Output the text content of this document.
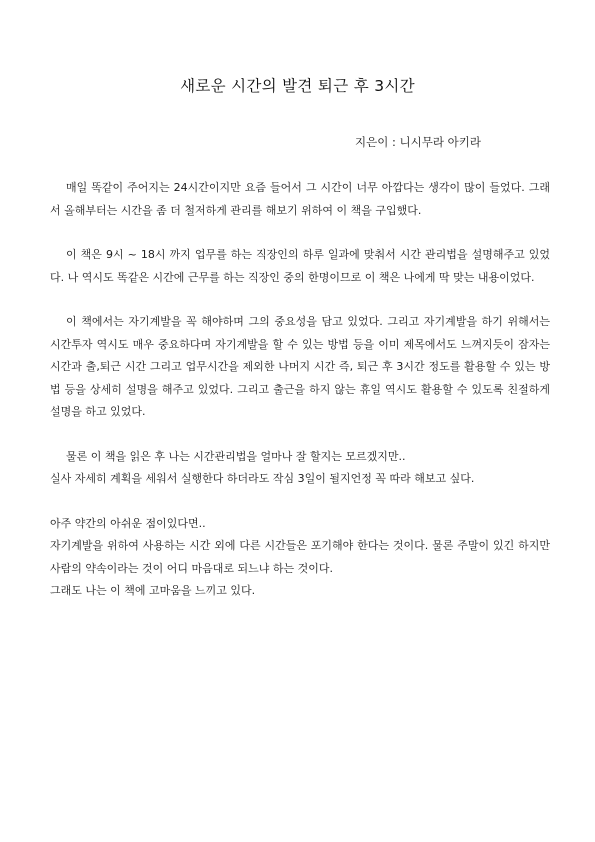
새로운 시간의 발견 퇴근 후 3시간
지은이 : 니시무라 아키라

매일 똑같이 주어지는 24시간이지만 요즘 들어서 그 시간이 너무 아깝다는 생각이 많이 들었다. 그래서 올해부터는 시간을 좀 더 철저하게 관리를 해보기 위하여 이 책을 구입했다.

이 책은 9시 ~ 18시 까지 업무를 하는 직장인의 하루 일과에 맞춰서 시간 관리법을 설명해주고 있었다. 나 역시도 똑같은 시간에 근무를 하는 직장인 중의 한명이므로 이 책은 나에게 딱 맞는 내용이었다.

이 책에서는 자기계발을 꼭 해야하며 그의 중요성을 담고 있었다. 그리고 자기계발을 하기 위해서는 시간투자 역시도 매우 중요하다며 자기계발을 할 수 있는 방법 등을 이미 제목에서도 느껴지듯이 잠자는 시간과 출,퇴근 시간 그리고 업무시간을 제외한 나머지 시간 즉, 퇴근 후 3시간 정도를 활용할 수 있는 방법 등을 상세히 설명을 해주고 있었다. 그리고 출근을 하지 않는 휴일 역시도 활용할 수 있도록 친절하게 설명을 하고 있었다.

물론 이 책을 읽은 후 나는 시간관리법을 얼마나 잘 할지는 모르겠지만..
실사 자세히 계획을 세워서 실행한다 하더라도 작심 3일이 될지언정 꼭 따라 해보고 싶다.

아주 약간의 아쉬운 점이있다면..
자기계발을 위하여 사용하는 시간 외에 다른 시간들은 포기해야 한다는 것이다. 물론 주말이 있긴 하지만 사람의 약속이라는 것이 어디 마음대로 되느냐 하는 것이다.
그래도 나는 이 책에 고마움을 느끼고 있다.
